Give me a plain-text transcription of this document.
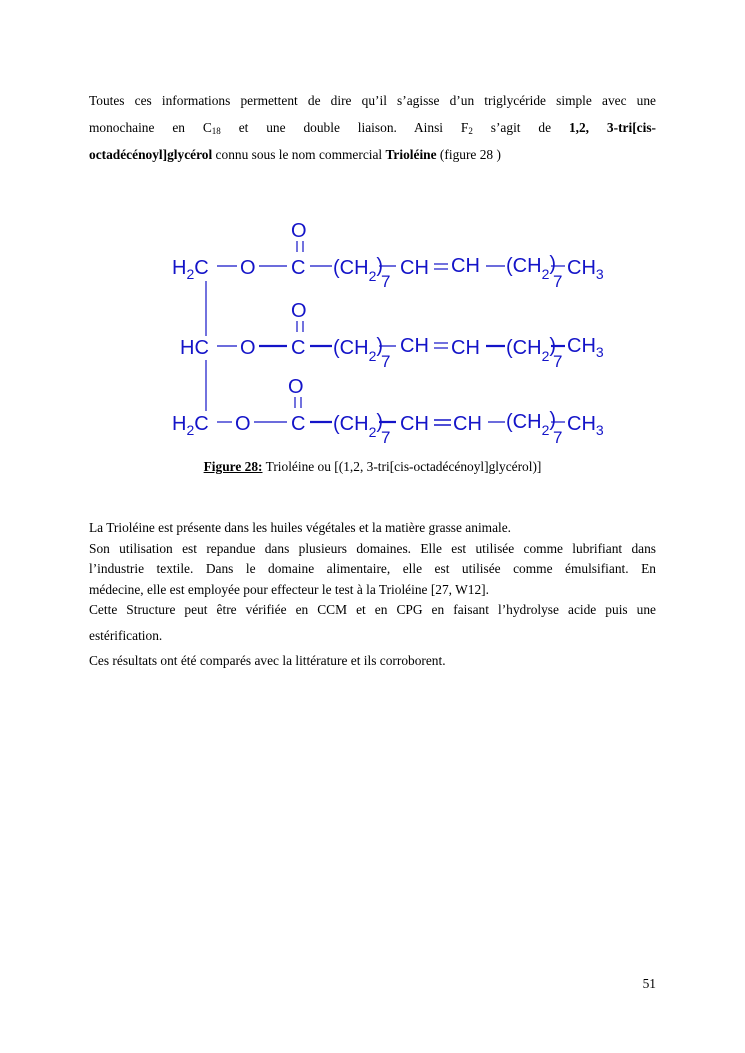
Toutes ces informations permettent de dire qu’il s’agisse d’un triglycéride simple avec une
monochaine en $C_{18}$ et une double liaison. Ainsi $F_2$ s’agit de 1,2, 3-tri[cis-
octadécénoyl]glycérol connu sous le nom commercial Trioléine (figure 28 )
O
$H_2C$ O C $(CH_2)$
7
CH CH $(CH_2)$
7
$CH_3$
O
HC O C $(CH_2)$
7
CH CH $(CH_2)$
7
$CH_3$
O
$H_2C$ O C $(CH_2)$
7
CH CH $(CH_2)$
7
$CH_3$
Figure 28: Trioléine ou [(1,2, 3-tri[cis-octadécénoyl]glycérol)]
La Trioléine est présente dans les huiles végétales et la matière grasse animale.
Son utilisation est repandue dans plusieurs domaines. Elle est utilisée comme lubrifiant dans
l’industrie textile. Dans le domaine alimentaire, elle est utilisée comme émulsifiant. En
médecine, elle est employée pour effecteur le test à la Trioléine [27, W12].
Cette Structure peut être vérifiée en CCM et en CPG en faisant l’hydrolyse acide puis une
estérification.
Ces résultats ont été comparés avec la littérature et ils corroborent.
51
